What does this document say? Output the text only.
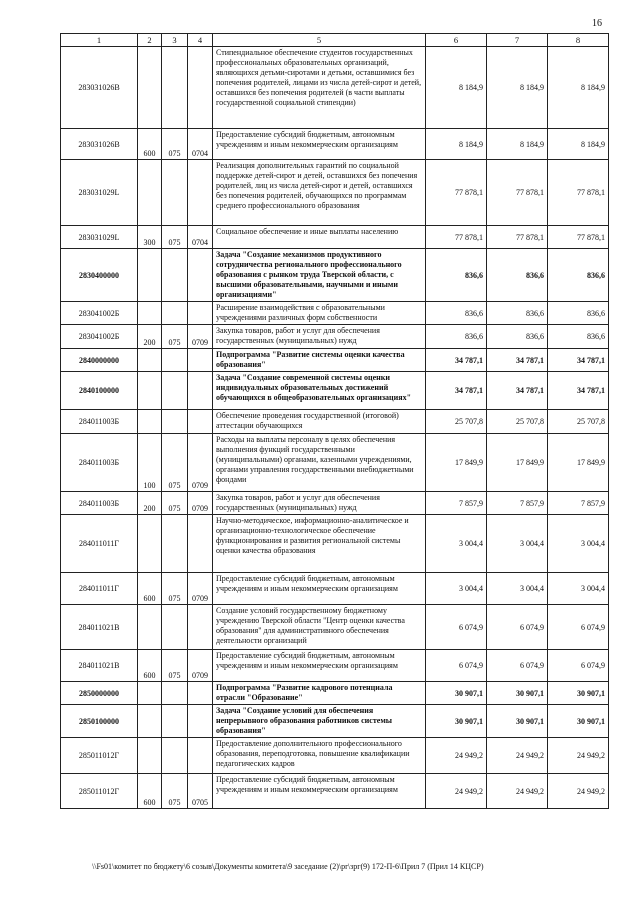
16
1	2	3	4	5	6	7	8
283031026В				Стипендиальное обеспечение студентов государственных профессиональных образовательных организаций, являющихся детьми-сиротами и детьми, оставшимися без попечения родителей, лицами из числа детей-сирот и детей, оставшихся без попечения родителей (в части выплаты государственной социальной стипендии)	8 184,9	8 184,9	8 184,9
283031026В	600	075	0704	Предоставление субсидий бюджетным, автономным учреждениям и иным некоммерческим организациям	8 184,9	8 184,9	8 184,9
283031029L				Реализация дополнительных гарантий по социальной поддержке детей-сирот и детей, оставшихся без попечения родителей, лиц из числа детей-сирот и детей, оставшихся без попечения родителей, обучающихся по программам среднего профессионального образования	77 878,1	77 878,1	77 878,1
283031029L	300	075	0704	Социальное обеспечение и иные выплаты населению	77 878,1	77 878,1	77 878,1
2830400000				Задача "Создание механизмов продуктивного сотрудничества регионального профессионального образования с рынком труда Тверской области, с высшими образовательными, научными и иными организациями"	836,6	836,6	836,6
283041002Б				Расширение взаимодействия с образовательными учреждениями различных форм собственности	836,6	836,6	836,6
283041002Б	200	075	0709	Закупка товаров, работ и услуг для обеспечения государственных (муниципальных) нужд	836,6	836,6	836,6
2840000000				Подпрограмма "Развитие системы оценки качества образования"	34 787,1	34 787,1	34 787,1
2840100000				Задача "Создание современной системы оценки индивидуальных образовательных достижений обучающихся в общеобразовательных организациях"	34 787,1	34 787,1	34 787,1
284011003Б				Обеспечение проведения государственной (итоговой) аттестации обучающихся	25 707,8	25 707,8	25 707,8
284011003Б	100	075	0709	Расходы на выплаты персоналу в целях обеспечения выполнения функций государственными (муниципальными) органами, казенными учреждениями, органами управления государственными внебюджетными фондами	17 849,9	17 849,9	17 849,9
284011003Б	200	075	0709	Закупка товаров, работ и услуг для обеспечения государственных (муниципальных) нужд	7 857,9	7 857,9	7 857,9
284011011Г				Научно-методическое, информационно-аналитическое и организационно-технологическое обеспечение функционирования и развития региональной системы оценки качества образования	3 004,4	3 004,4	3 004,4
284011011Г	600	075	0709	Предоставление субсидий бюджетным, автономным учреждениям и иным некоммерческим организациям	3 004,4	3 004,4	3 004,4
284011021В				Создание условий государственному бюджетному учреждению Тверской области "Центр оценки качества образования" для административного обеспечения деятельности организаций	6 074,9	6 074,9	6 074,9
284011021В	600	075	0709	Предоставление субсидий бюджетным, автономным учреждениям и иным некоммерческим организациям	6 074,9	6 074,9	6 074,9
2850000000				Подпрограмма "Развитие кадрового потенциала отрасли "Образование"	30 907,1	30 907,1	30 907,1
2850100000				Задача "Создание условий для обеспечения непрерывного образования работников системы образования"	30 907,1	30 907,1	30 907,1
285011012Г				Предоставление дополнительного профессионального образования, переподготовка, повышение квалификации педагогических кадров	24 949,2	24 949,2	24 949,2
285011012Г	600	075	0705	Предоставление субсидий бюджетным, автономным учреждениям и иным некоммерческим организациям	24 949,2	24 949,2	24 949,2
\\Fs01\комитет по бюджету\6 созыв\Документы комитета\9 заседание (2)\pr\зрг(9) 172-П-6\Прил 7 (Прил 14 КЦСР)
